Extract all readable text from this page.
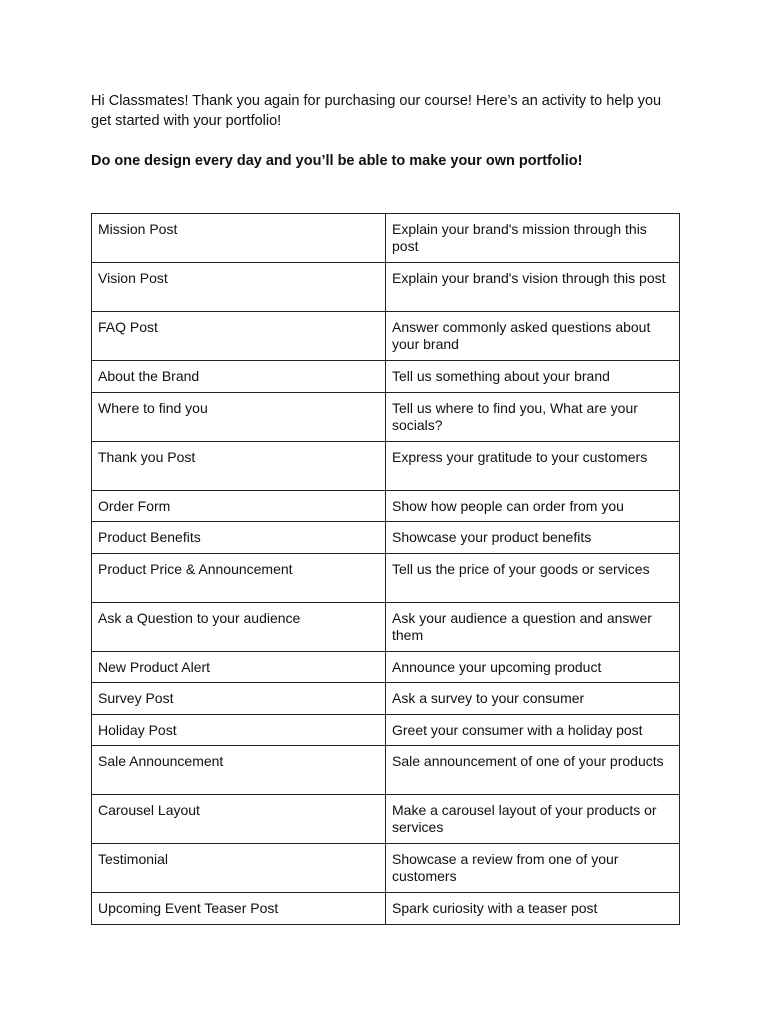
Hi Classmates! Thank you again for purchasing our course! Here’s an activity to help you get started with your portfolio!

Do one design every day and you’ll be able to make your own portfolio!

Mission Post	Explain your brand's mission through this post
Vision Post	Explain your brand's vision through this post
FAQ Post	Answer commonly asked questions about your brand
About the Brand	Tell us something about your brand
Where to find you	Tell us where to find you, What are your socials?
Thank you Post	Express your gratitude to your customers
Order Form	Show how people can order from you
Product Benefits	Showcase your product benefits
Product Price & Announcement	Tell us the price of your goods or services
Ask a Question to your audience	Ask your audience a question and answer them
New Product Alert	Announce your upcoming product
Survey Post	Ask a survey to your consumer
Holiday Post	Greet your consumer with a holiday post
Sale Announcement	Sale announcement of one of your products
Carousel Layout	Make a carousel layout of your products or services
Testimonial	Showcase a review from one of your customers
Upcoming Event Teaser Post	Spark curiosity with a teaser post
